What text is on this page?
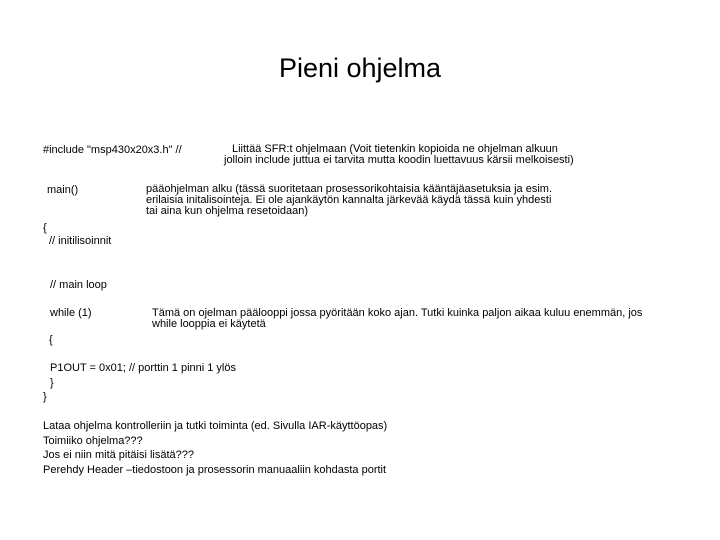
Pieni ohjelma
#include "msp430x20x3.h" //	Liittää SFR:t ohjelmaan (Voit tietenkin kopioida ne ohjelman alkuun
jolloin include juttua ei tarvita mutta koodin luettavuus kärsii melkoisesti)
main()	pääohjelman alku (tässä suoritetaan prosessorikohtaisia kääntäjäasetuksia ja esim.
erilaisia initalisointeja. Ei ole ajankäytön kannalta järkevää käydä tässä kuin yhdesti
tai aina kun ohjelma resetoidaan)
{
// initilisoinnit
// main loop
while (1)	Tämä on ojelman päälooppi jossa pyöritään koko ajan. Tutki kuinka paljon aikaa kuluu enemmän, jos
while looppia ei käytetä
{
P1OUT = 0x01; // porttin 1 pinni 1 ylös
}
}
Lataa ohjelma kontrolleriin ja tutki toiminta (ed. Sivulla IAR-käyttöopas)
Toimiiko ohjelma???
Jos ei niin mitä pitäisi lisätä???
Perehdy Header –tiedostoon ja prosessorin manuaaliin kohdasta portit
